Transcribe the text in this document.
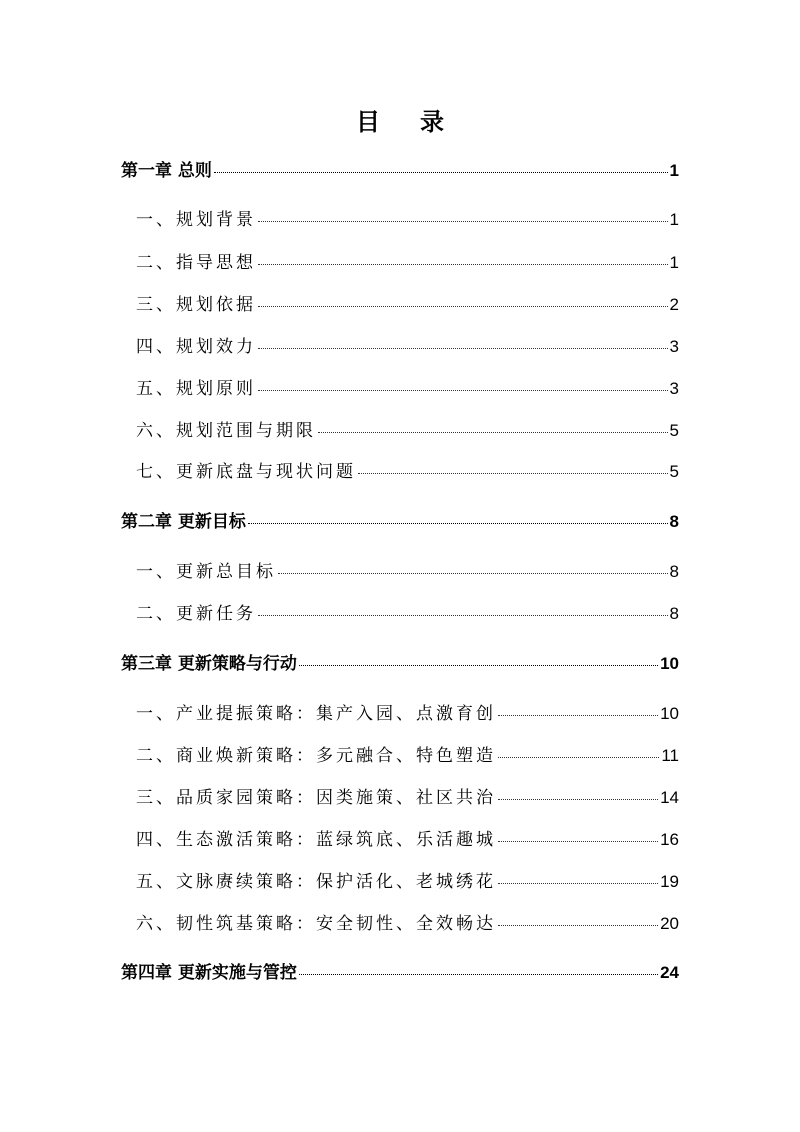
目 录
第一章 总则	1
一、规划背景	1
二、指导思想	1
三、规划依据	2
四、规划效力	3
五、规划原则	3
六、规划范围与期限	5
七、更新底盘与现状问题	5
第二章 更新目标	8
一、更新总目标	8
二、更新任务	8
第三章 更新策略与行动	10
一、产业提振策略：集产入园、点激育创	10
二、商业焕新策略：多元融合、特色塑造	11
三、品质家园策略：因类施策、社区共治	14
四、生态激活策略：蓝绿筑底、乐活趣城	16
五、文脉赓续策略：保护活化、老城绣花	19
六、韧性筑基策略：安全韧性、全效畅达	20
第四章 更新实施与管控	24
